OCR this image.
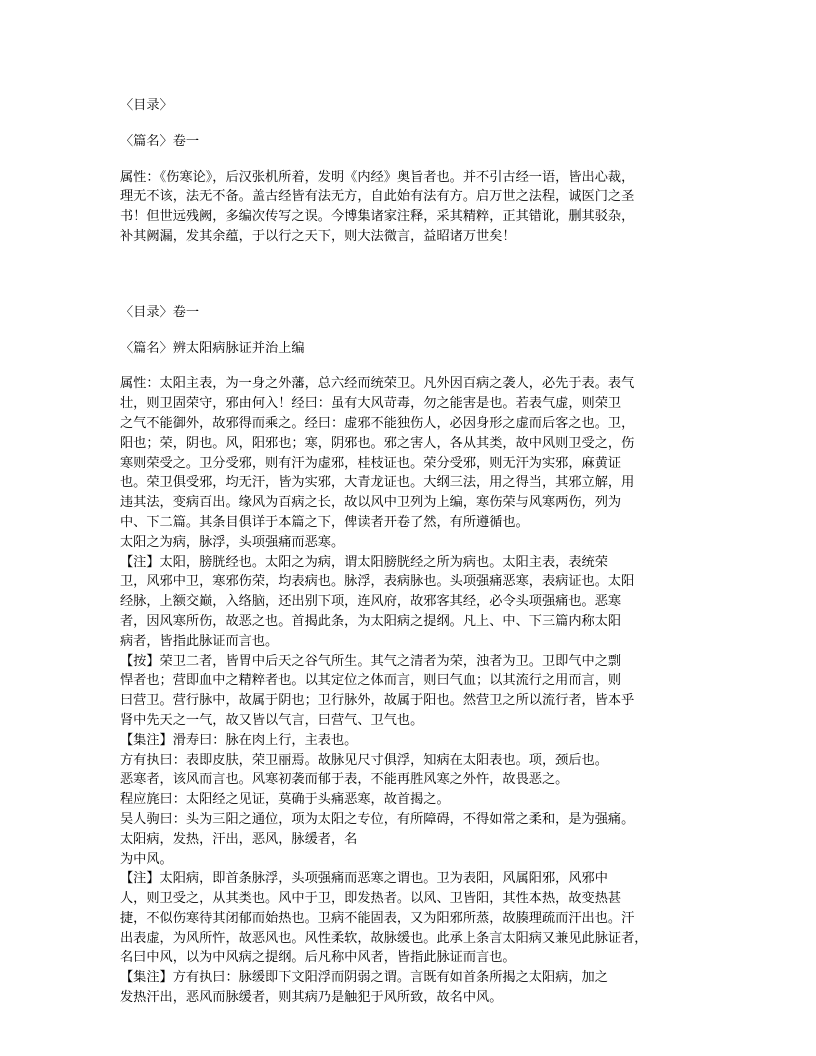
〈目录〉
〈篇名〉卷一
属性：《伤寒论》，后汉张机所着，发明《内经》奥旨者也。并不引古经一语，皆出心裁，
理无不该，法无不备。盖古经皆有法无方，自此始有法有方。启万世之法程，诚医门之圣
书！但世远残阙，多编次传写之误。今博集诸家注释，采其精粹，正其错讹，删其驳杂，
补其阙漏，发其余蕴，于以行之天下，则大法微言，益昭诸万世矣！
〈目录〉卷一
〈篇名〉辨太阳病脉证并治上编
属性：太阳主表，为一身之外藩，总六经而统荣卫。凡外因百病之袭人，必先于表。表气
壮，则卫固荣守，邪由何入！经曰：虽有大风苛毒，勿之能害是也。若表气虚，则荣卫
之气不能御外，故邪得而乘之。经曰：虚邪不能独伤人，必因身形之虚而后客之也。卫，
阳也；荣，阴也。风，阳邪也；寒，阴邪也。邪之害人，各从其类，故中风则卫受之，伤
寒则荣受之。卫分受邪，则有汗为虚邪，桂枝证也。荣分受邪，则无汗为实邪，麻黄证
也。荣卫俱受邪，均无汗，皆为实邪，大青龙证也。大纲三法，用之得当，其邪立解，用
违其法，变病百出。缘风为百病之长，故以风中卫列为上编，寒伤荣与风寒两伤，列为
中、下二篇。其条目俱详于本篇之下，俾读者开卷了然，有所遵循也。
太阳之为病，脉浮，头项强痛而恶寒。
【注】太阳，膀胱经也。太阳之为病，谓太阳膀胱经之所为病也。太阳主表，表统荣
卫，风邪中卫，寒邪伤荣，均表病也。脉浮，表病脉也。头项强痛恶寒，表病证也。太阳
经脉，上额交巅，入络脑，还出别下项，连风府，故邪客其经，必令头项强痛也。恶寒
者，因风寒所伤，故恶之也。首揭此条，为太阳病之提纲。凡上、中、下三篇内称太阳
病者，皆指此脉证而言也。
【按】荣卫二者，皆胃中后天之谷气所生。其气之清者为荣，浊者为卫。卫即气中之剽
悍者也；营即血中之精粹者也。以其定位之体而言，则曰气血；以其流行之用而言，则
曰营卫。营行脉中，故属于阴也；卫行脉外，故属于阳也。然营卫之所以流行者，皆本乎
肾中先天之一气，故又皆以气言，曰营气、卫气也。
【集注】滑寿曰：脉在肉上行，主表也。
方有执曰：表即皮肤，荣卫丽焉。故脉见尺寸俱浮，知病在太阳表也。项，颈后也。
恶寒者，该风而言也。风寒初袭而郁于表，不能再胜风寒之外忤，故畏恶之。
程应旄曰：太阳经之见证，莫确于头痛恶寒，故首揭之。
吴人驹曰：头为三阳之通位，项为太阳之专位，有所障碍，不得如常之柔和，是为强痛。
太阳病，发热，汗出，恶风，脉缓者，名
为中风。
【注】太阳病，即首条脉浮，头项强痛而恶寒之谓也。卫为表阳，风属阳邪，风邪中
人，则卫受之，从其类也。风中于卫，即发热者。以风、卫皆阳，其性本热，故变热甚
捷，不似伤寒待其闭郁而始热也。卫病不能固表，又为阳邪所蒸，故腠理疏而汗出也。汗
出表虚，为风所忤，故恶风也。风性柔软，故脉缓也。此承上条言太阳病又兼见此脉证者，
名曰中风，以为中风病之提纲。后凡称中风者，皆指此脉证而言也。
【集注】方有执曰：脉缓即下文阳浮而阴弱之谓。言既有如首条所揭之太阳病，加之
发热汗出，恶风而脉缓者，则其病乃是触犯于风所致，故名中风。
